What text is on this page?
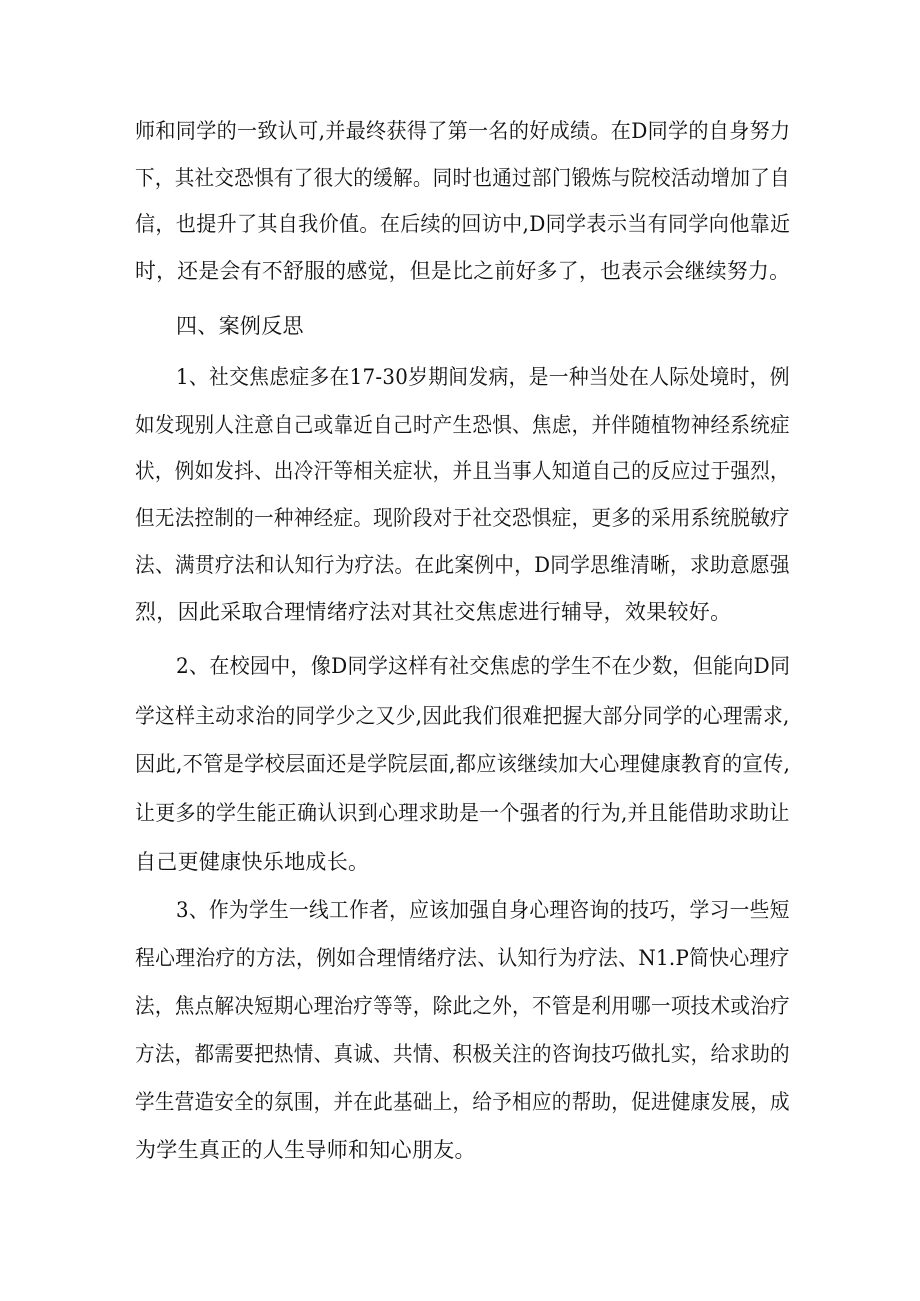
师和同学的一致认可,并最终获得了第一名的好成绩。在D同学的自身努力
下，其社交恐惧有了很大的缓解。同时也通过部门锻炼与院校活动增加了自
信，也提升了其自我价值。在后续的回访中,D同学表示当有同学向他靠近
时，还是会有不舒服的感觉，但是比之前好多了，也表示会继续努力。
四、案例反思
1、社交焦虑症多在17-30岁期间发病，是一种当处在人际处境时，例
如发现别人注意自己或靠近自己时产生恐惧、焦虑，并伴随植物神经系统症
状，例如发抖、出冷汗等相关症状，并且当事人知道自己的反应过于强烈，
但无法控制的一种神经症。现阶段对于社交恐惧症，更多的采用系统脱敏疗
法、满贯疗法和认知行为疗法。在此案例中，D同学思维清晰，求助意愿强
烈，因此采取合理情绪疗法对其社交焦虑进行辅导，效果较好。
2、在校园中，像D同学这样有社交焦虑的学生不在少数，但能向D同
学这样主动求治的同学少之又少,因此我们很难把握大部分同学的心理需求,
因此,不管是学校层面还是学院层面,都应该继续加大心理健康教育的宣传,
让更多的学生能正确认识到心理求助是一个强者的行为,并且能借助求助让
自己更健康快乐地成长。
3、作为学生一线工作者，应该加强自身心理咨询的技巧，学习一些短
程心理治疗的方法，例如合理情绪疗法、认知行为疗法、N1.P简快心理疗
法，焦点解决短期心理治疗等等，除此之外，不管是利用哪一项技术或治疗
方法，都需要把热情、真诚、共情、积极关注的咨询技巧做扎实，给求助的
学生营造安全的氛围，并在此基础上，给予相应的帮助，促进健康发展，成
为学生真正的人生导师和知心朋友。
